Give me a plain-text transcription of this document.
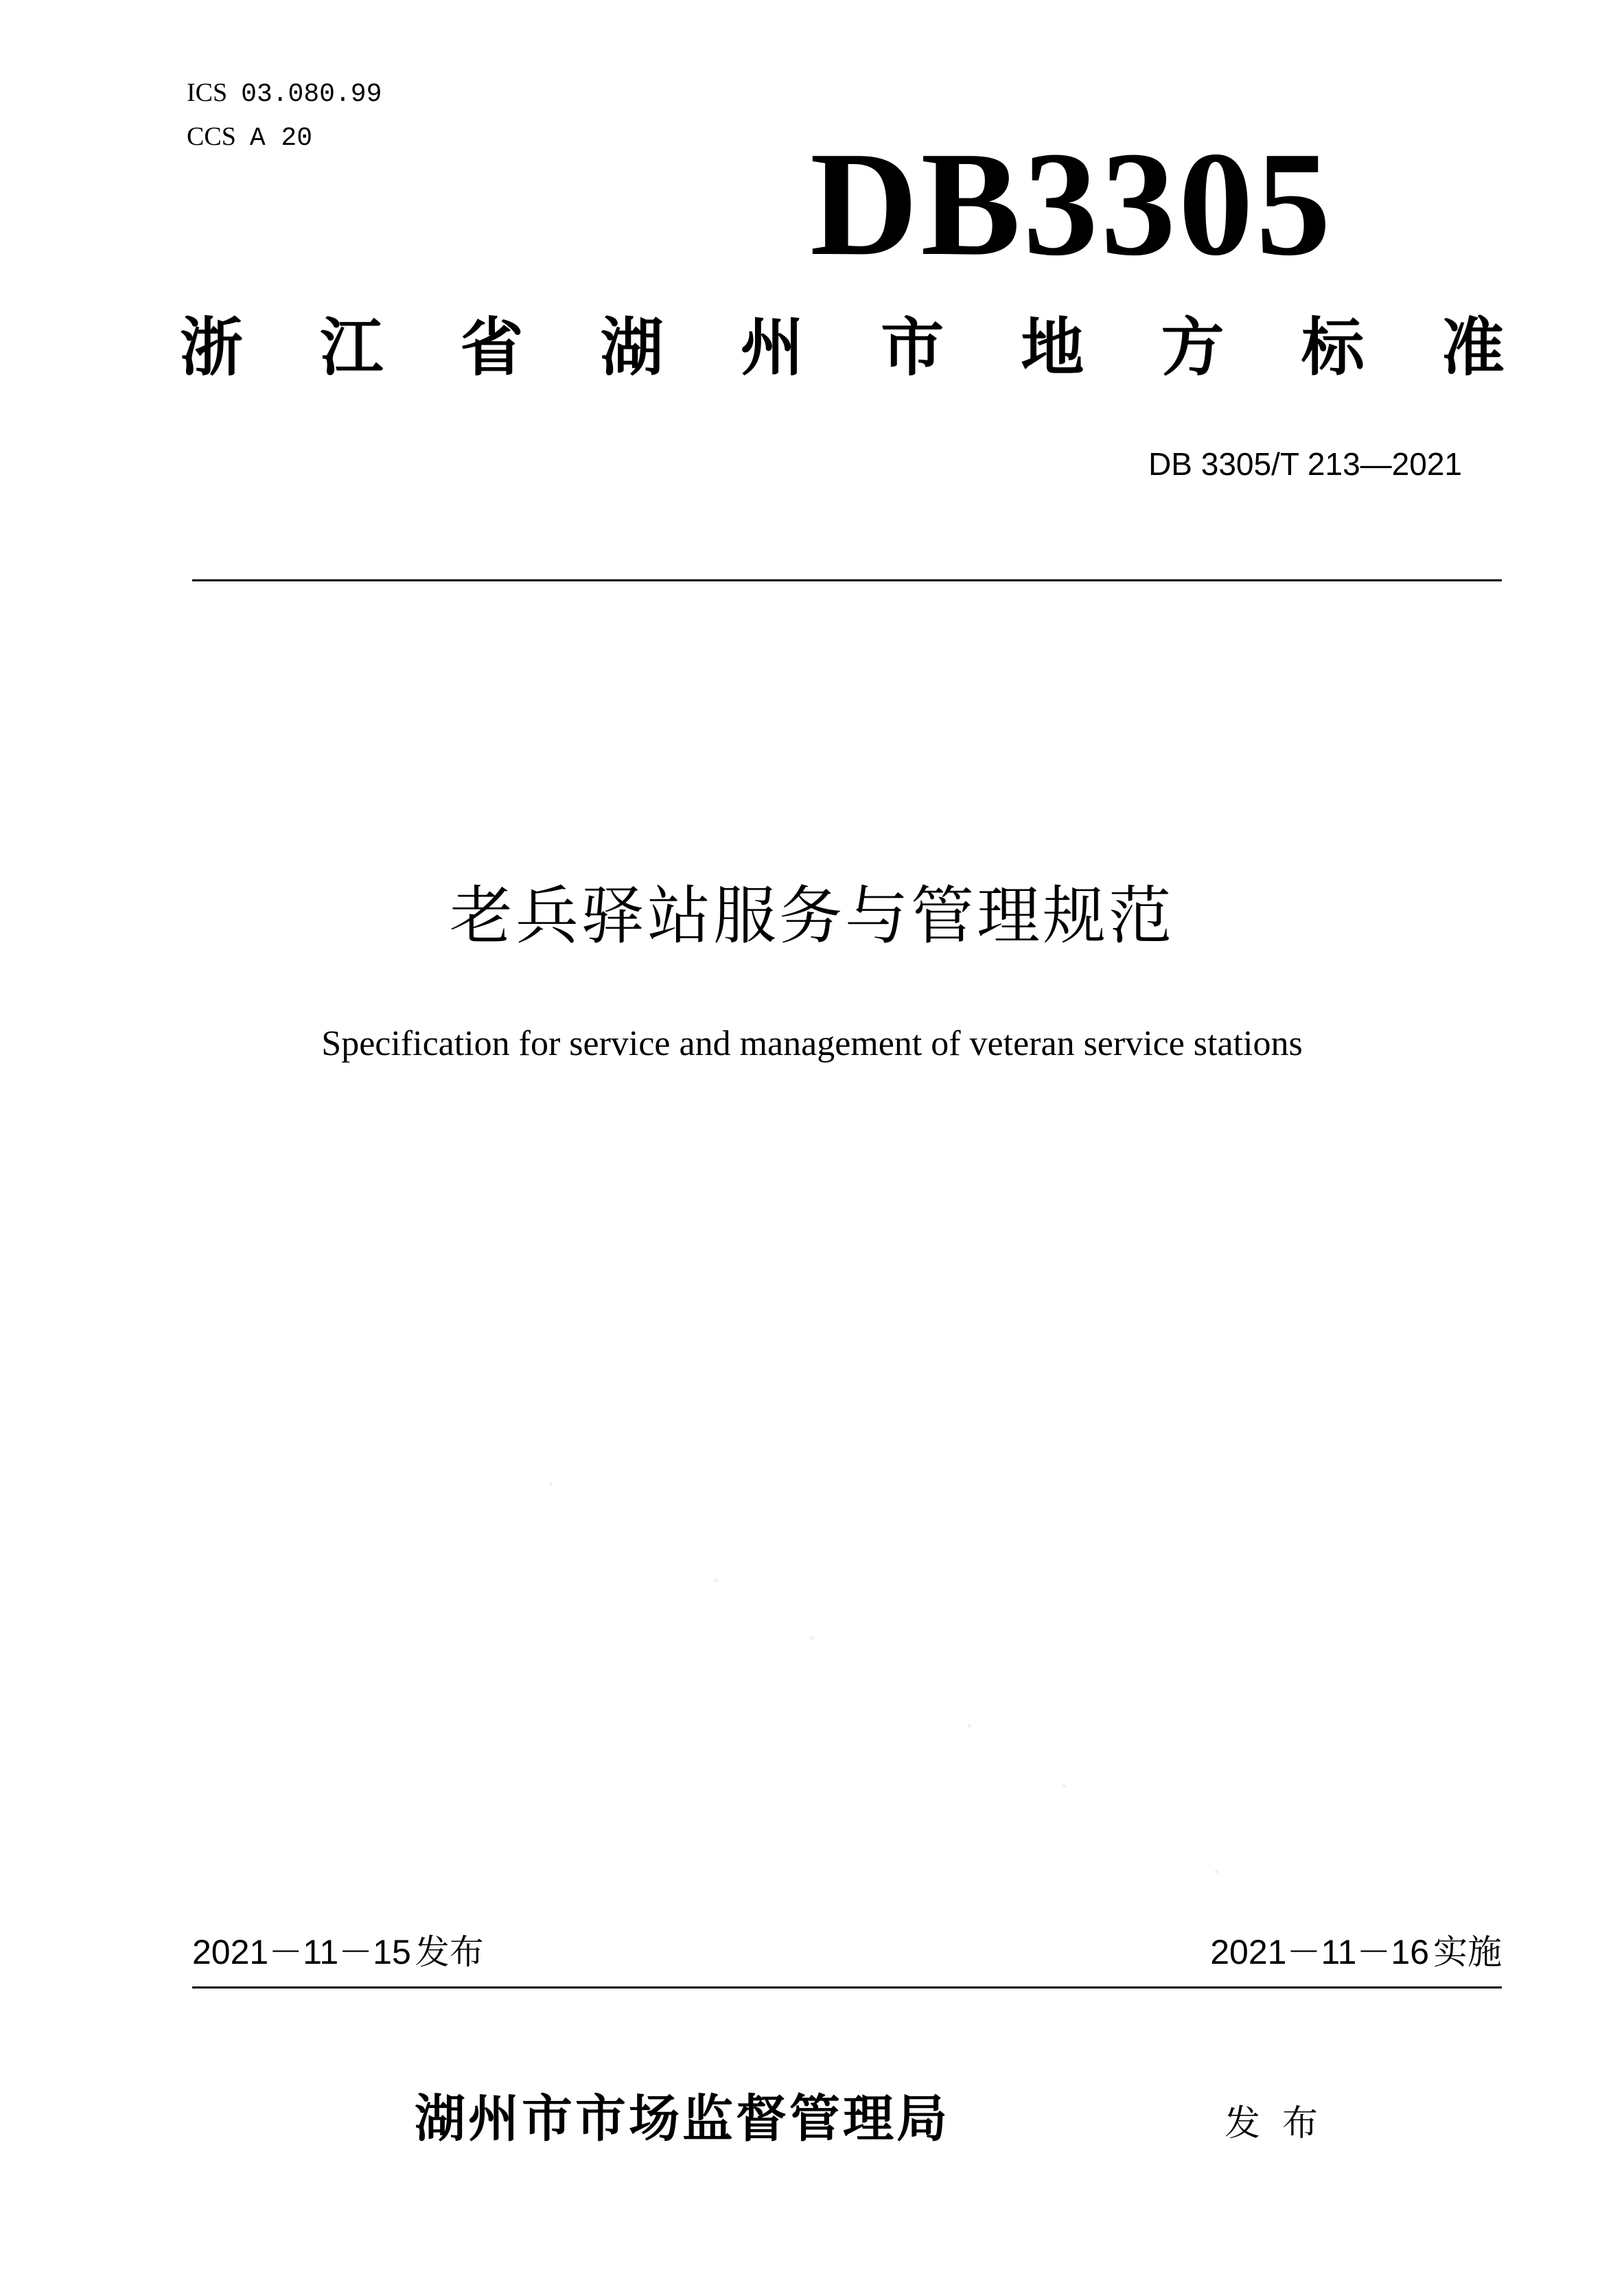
ICS 03.080.99
CCS A 20	DB3305
浙 江 省 湖 州 市 地 方 标 准
DB 3305/T 213—2021
老兵驿站服务与管理规范
Specification for service and management of veteran service stations
2021－11－15 发布	2021－11－16 实施
湖州市市场监督管理局	发布
